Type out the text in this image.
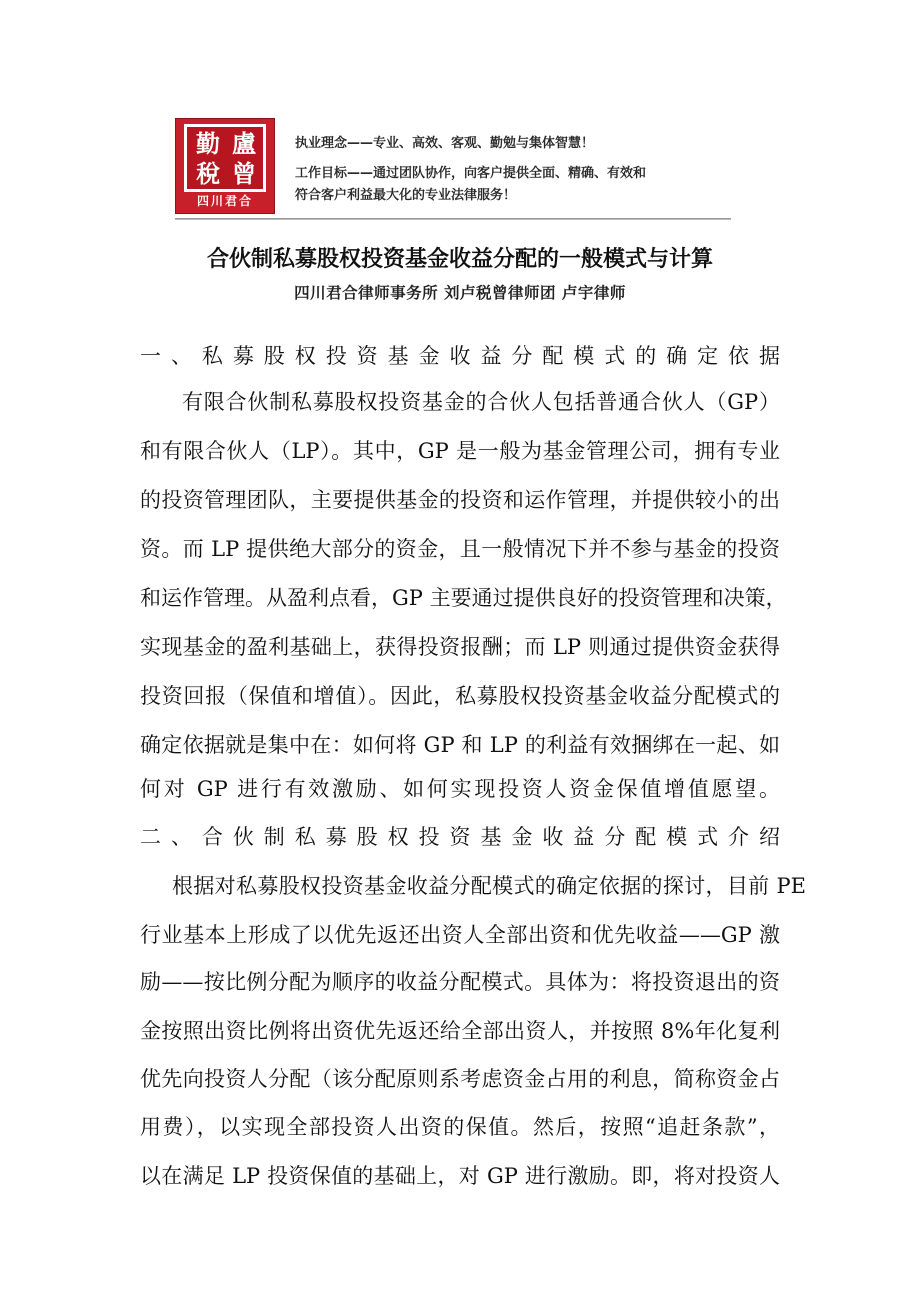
勤 盧
稅 曾
四川君合
执业理念——专业、高效、客观、勤勉与集体智慧！
工作目标——通过团队协作，向客户提供全面、精确、有效和
符合客户利益最大化的专业法律服务！
合伙制私募股权投资基金收益分配的一般模式与计算
四川君合律师事务所 刘卢税曾律师团 卢宇律师
一、私募股权投资基金收益分配模式的确定依据
有限合伙制私募股权投资基金的合伙人包括普通合伙人（GP）
和有限合伙人（LP）。其中，GP 是一般为基金管理公司，拥有专业
的投资管理团队，主要提供基金的投资和运作管理，并提供较小的出
资。而 LP 提供绝大部分的资金，且一般情况下并不参与基金的投资
和运作管理。从盈利点看，GP 主要通过提供良好的投资管理和决策，
实现基金的盈利基础上，获得投资报酬；而 LP 则通过提供资金获得
投资回报（保值和增值）。因此，私募股权投资基金收益分配模式的
确定依据就是集中在：如何将 GP 和 LP 的利益有效捆绑在一起、如
何对 GP 进行有效激励、如何实现投资人资金保值增值愿望。
二、合伙制私募股权投资基金收益分配模式介绍
根据对私募股权投资基金收益分配模式的确定依据的探讨，目前 PE
行业基本上形成了以优先返还出资人全部出资和优先收益——GP 激
励——按比例分配为顺序的收益分配模式。具体为：将投资退出的资
金按照出资比例将出资优先返还给全部出资人，并按照 8%年化复利
优先向投资人分配（该分配原则系考虑资金占用的利息，简称资金占
用费），以实现全部投资人出资的保值。然后，按照“追赶条款”，
以在满足 LP 投资保值的基础上，对 GP 进行激励。即，将对投资人
